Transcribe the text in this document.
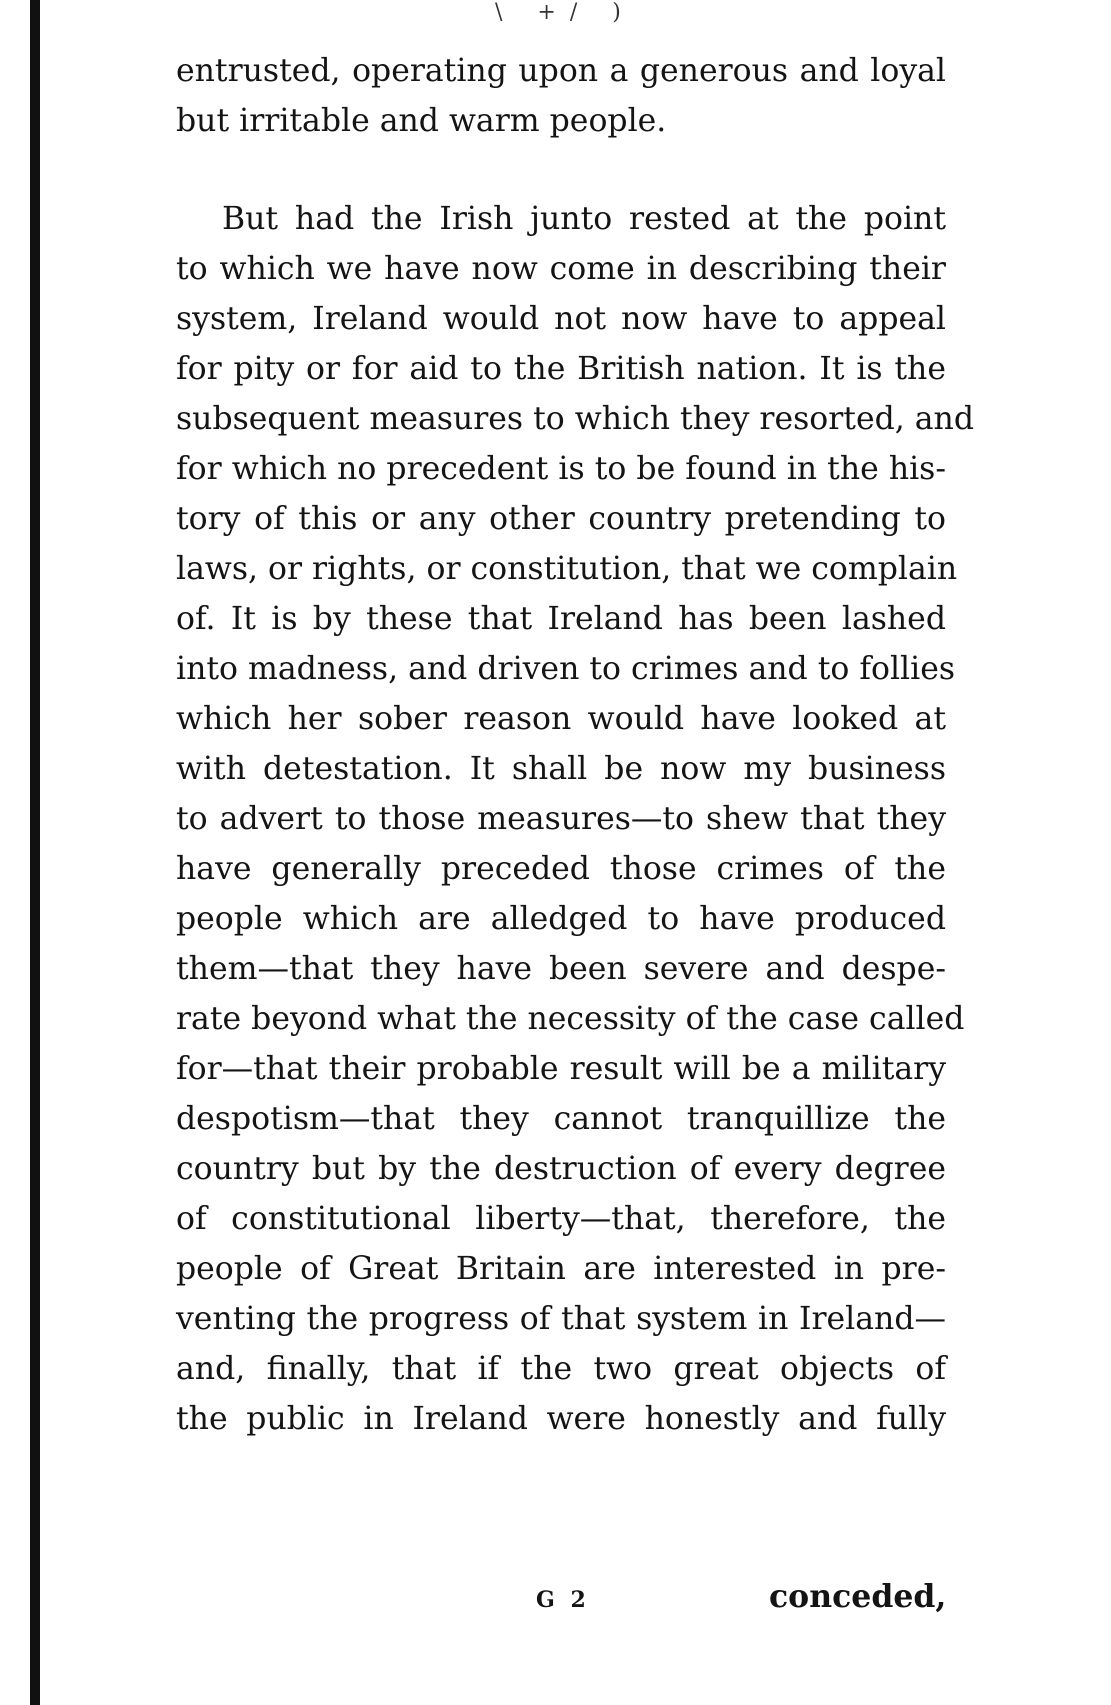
\ +/ )
entrusted, operating upon a generous and loyal
but irritable and warm people.
But had the Irish junto rested at the point
to which we have now come in describing their
system, Ireland would not now have to appeal
for pity or for aid to the British nation. It is the
subsequent measures to which they resorted, and
for which no precedent is to be found in the his-
tory of this or any other country pretending to
laws, or rights, or constitution, that we complain
of. It is by these that Ireland has been lashed
into madness, and driven to crimes and to follies
which her sober reason would have looked at
with detestation. It shall be now my business
to advert to those measures—to shew that they
have generally preceded those crimes of the
people which are alledged to have produced
them—that they have been severe and despe-
rate beyond what the necessity of the case called
for—that their probable result will be a military
despotism—that they cannot tranquillize the
country but by the destruction of every degree
of constitutional liberty—that, therefore, the
people of Great Britain are interested in pre-
venting the progress of that system in Ireland—
and, finally, that if the two great objects of
the public in Ireland were honestly and fully
G 2	conceded,
